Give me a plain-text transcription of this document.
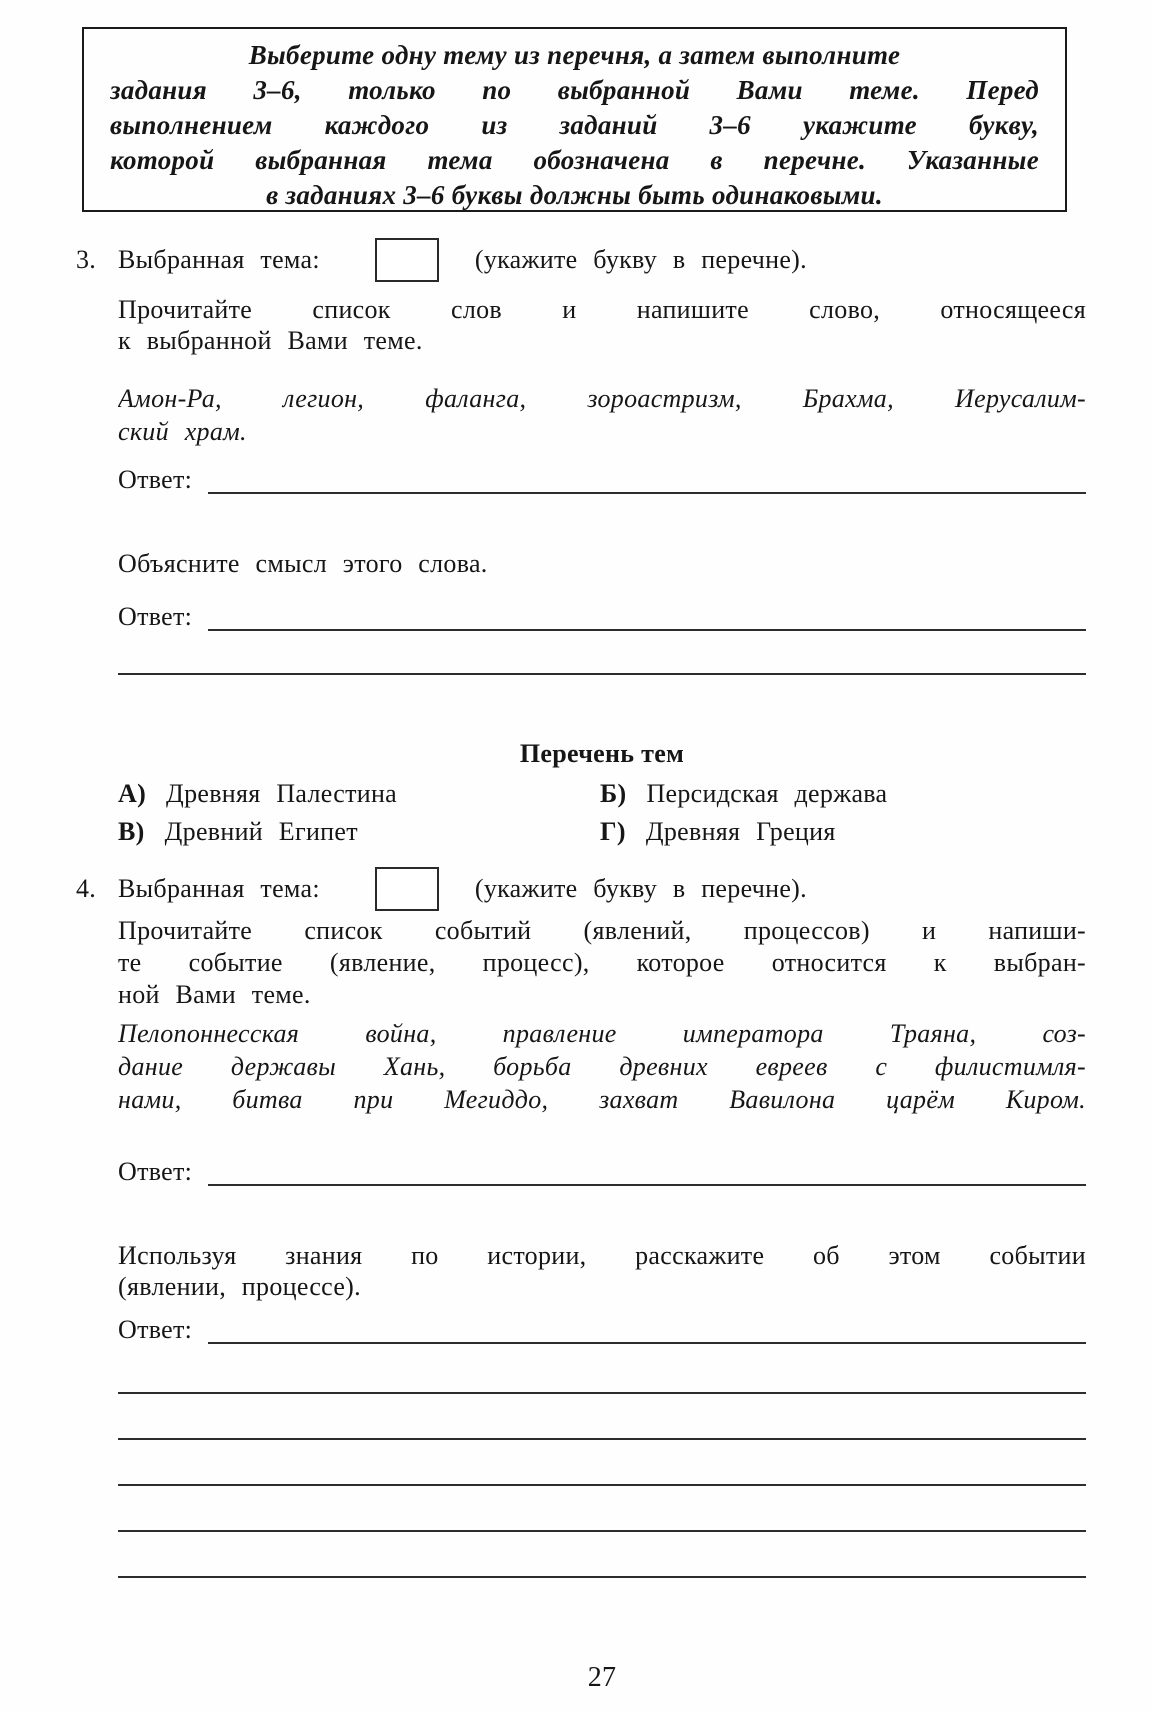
Выберите одну тему из перечня, а затем выполните
задания 3–6, только по выбранной Вами теме. Перед
выполнением каждого из заданий 3–6 укажите букву,
которой выбранная тема обозначена в перечне. Указанные
в заданиях 3–6 буквы должны быть одинаковыми.
3. Выбранная тема:	(укажите букву в перечне).
Прочитайте список слов и напишите слово, относящееся
к выбранной Вами теме.
Амон-Ра, легион, фаланга, зороастризм, Брахма, Иерусалим-
ский храм.
Ответ:
Объясните смысл этого слова.
Ответ:
Перечень тем
А) Древняя Палестина	Б) Персидская держава
В) Древний Египет	Г) Древняя Греция
4. Выбранная тема:	(укажите букву в перечне).
Прочитайте список событий (явлений, процессов) и напиши-
те событие (явление, процесс), которое относится к выбран-
ной Вами теме.
Пелопоннесская война, правление императора Траяна, соз-
дание державы Хань, борьба древних евреев с филистимля-
нами, битва при Мегиддо, захват Вавилона царём Киром.
Ответ:
Используя знания по истории, расскажите об этом событии
(явлении, процессе).
Ответ:
27
